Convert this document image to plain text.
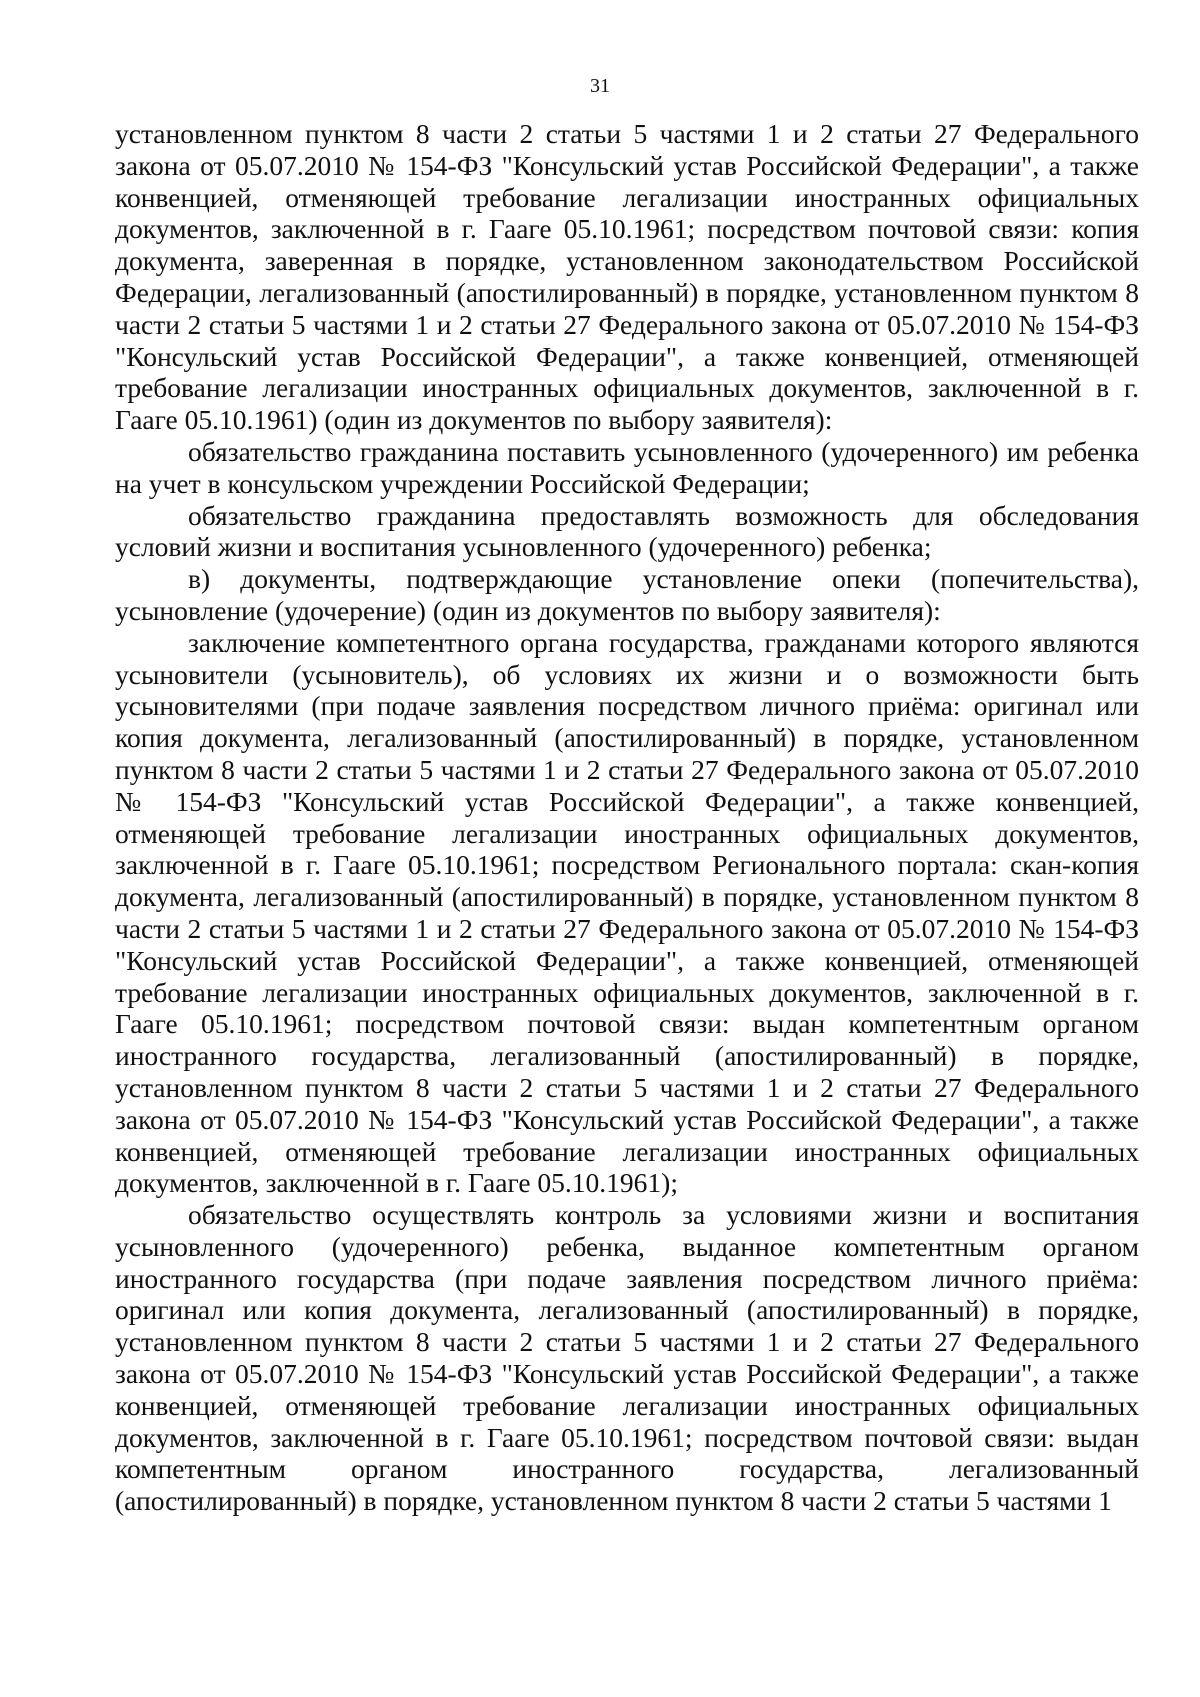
31

установленном пунктом 8 части 2 статьи 5 частями 1 и 2 статьи 27 Федерального закона от 05.07.2010 № 154-ФЗ "Консульский устав Российской Федерации", а также конвенцией, отменяющей требование легализации иностранных официальных документов, заключенной в г. Гааге 05.10.1961; посредством почтовой связи: копия документа, заверенная в порядке, установленном законодательством Российской Федерации, легализованный (апостилированный) в порядке, установленном пунктом 8 части 2 статьи 5 частями 1 и 2 статьи 27 Федерального закона от 05.07.2010 № 154-ФЗ "Консульский устав Российской Федерации", а также конвенцией, отменяющей требование легализации иностранных официальных документов, заключенной в г. Гааге 05.10.1961) (один из документов по выбору заявителя):

обязательство гражданина поставить усыновленного (удочеренного) им ребенка на учет в консульском учреждении Российской Федерации;

обязательство гражданина предоставлять возможность для обследования условий жизни и воспитания усыновленного (удочеренного) ребенка;

в) документы, подтверждающие установление опеки (попечительства), усыновление (удочерение) (один из документов по выбору заявителя):

заключение компетентного органа государства, гражданами которого являются усыновители (усыновитель), об условиях их жизни и о возможности быть усыновителями (при подаче заявления посредством личного приёма: оригинал или копия документа, легализованный (апостилированный) в порядке, установленном пунктом 8 части 2 статьи 5 частями 1 и 2 статьи 27 Федерального закона от 05.07.2010 № 154-ФЗ "Консульский устав Российской Федерации", а также конвенцией, отменяющей требование легализации иностранных официальных документов, заключенной в г. Гааге 05.10.1961; посредством Регионального портала: скан-копия документа, легализованный (апостилированный) в порядке, установленном пунктом 8 части 2 статьи 5 частями 1 и 2 статьи 27 Федерального закона от 05.07.2010 № 154-ФЗ "Консульский устав Российской Федерации", а также конвенцией, отменяющей требование легализации иностранных официальных документов, заключенной в г. Гааге 05.10.1961; посредством почтовой связи: выдан компетентным органом иностранного государства, легализованный (апостилированный) в порядке, установленном пунктом 8 части 2 статьи 5 частями 1 и 2 статьи 27 Федерального закона от 05.07.2010 № 154-ФЗ "Консульский устав Российской Федерации", а также конвенцией, отменяющей требование легализации иностранных официальных документов, заключенной в г. Гааге 05.10.1961);

обязательство осуществлять контроль за условиями жизни и воспитания усыновленного (удочеренного) ребенка, выданное компетентным органом иностранного государства (при подаче заявления посредством личного приёма: оригинал или копия документа, легализованный (апостилированный) в порядке, установленном пунктом 8 части 2 статьи 5 частями 1 и 2 статьи 27 Федерального закона от 05.07.2010 № 154-ФЗ "Консульский устав Российской Федерации", а также конвенцией, отменяющей требование легализации иностранных официальных документов, заключенной в г. Гааге 05.10.1961; посредством почтовой связи: выдан компетентным органом иностранного государства, легализованный (апостилированный) в порядке, установленном пунктом 8 части 2 статьи 5 частями 1
